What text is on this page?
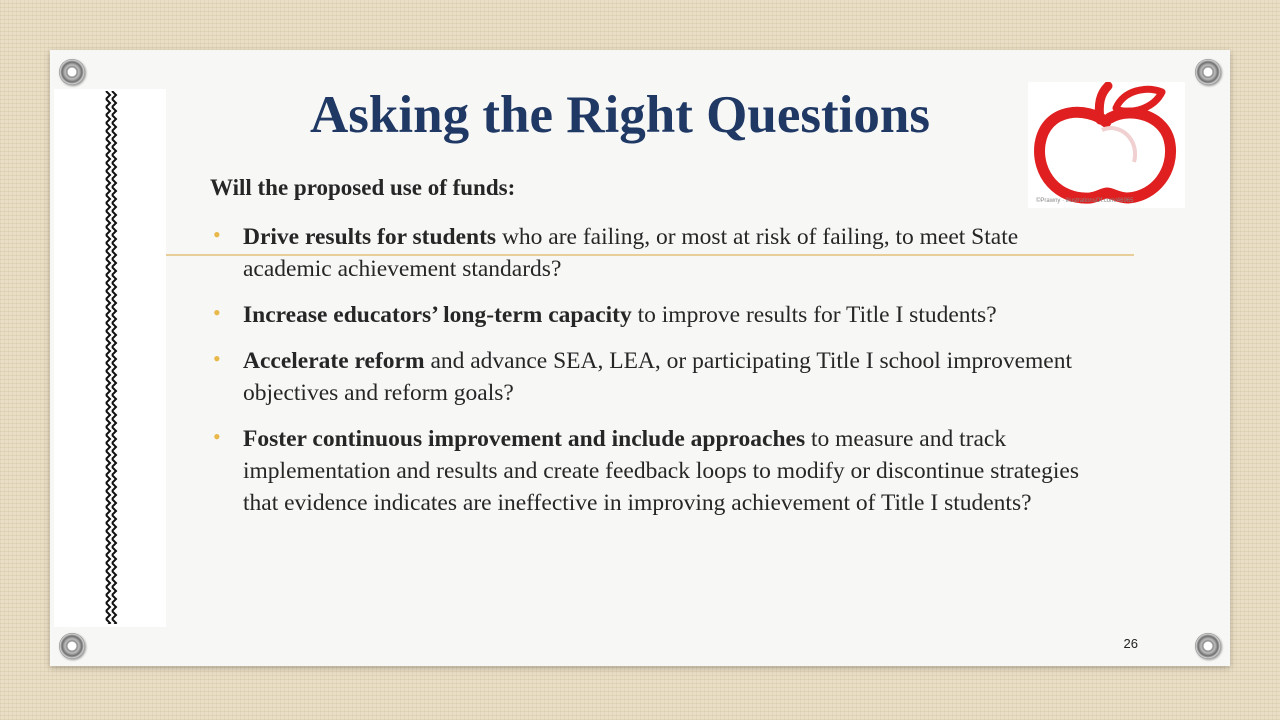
Asking the Right Questions
©Prawny · illustrationsOf.com/46965
Will the proposed use of funds:
• Drive results for students who are failing, or most at risk of failing, to meet State academic achievement standards?
• Increase educators’ long-term capacity to improve results for Title I students?
• Accelerate reform and advance SEA, LEA, or participating Title I school improvement objectives and reform goals?
• Foster continuous improvement and include approaches to measure and track implementation and results and create feedback loops to modify or discontinue strategies that evidence indicates are ineffective in improving achievement of Title I students?
26
